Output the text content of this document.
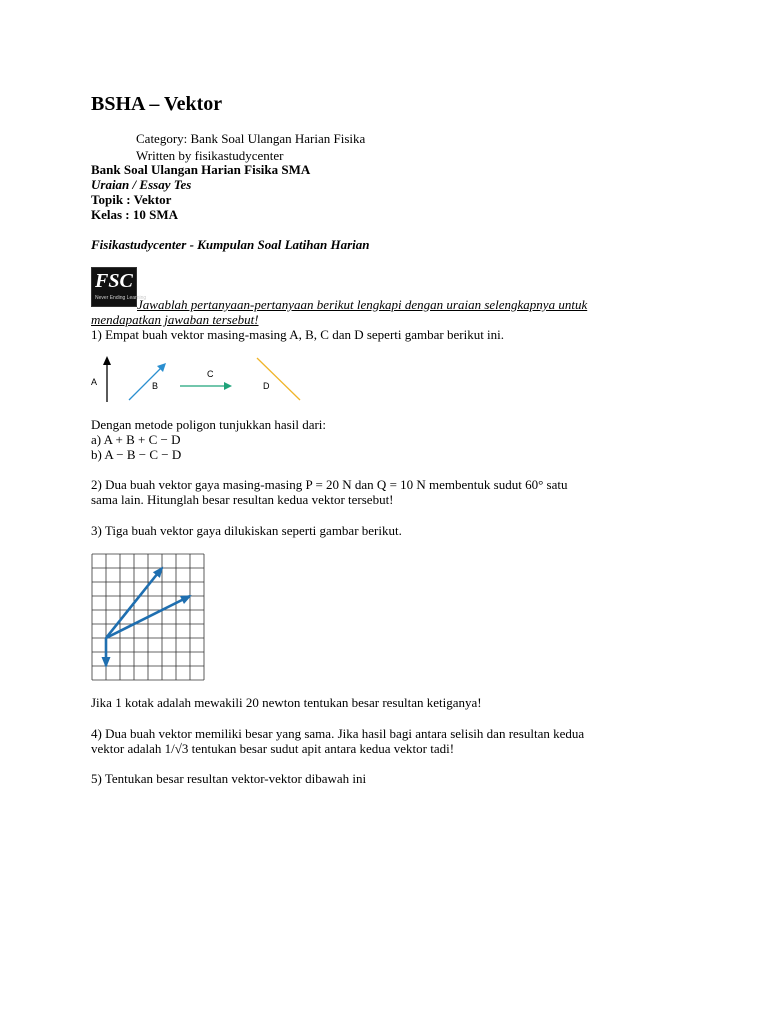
BSHA – Vektor
Category: Bank Soal Ulangan Harian Fisika
Written by fisikastudycenter
Bank Soal Ulangan Harian Fisika SMA
Uraian / Essay Tes
Topik : Vektor
Kelas : 10 SMA
Fisikastudycenter - Kumpulan Soal Latihan Harian
FSC
Never Ending Learning
Jawablah pertanyaan-pertanyaan berikut lengkapi dengan uraian selengkapnya untuk
mendapatkan jawaban tersebut!
1) Empat buah vektor masing-masing A, B, C dan D seperti gambar berikut ini.
A	B
C
D
Dengan metode poligon tunjukkan hasil dari:
a) A + B + C − D
b) A − B − C − D
2) Dua buah vektor gaya masing-masing P = 20 N dan Q = 10 N membentuk sudut 60° satu
sama lain. Hitunglah besar resultan kedua vektor tersebut!
3) Tiga buah vektor gaya dilukiskan seperti gambar berikut.
Jika 1 kotak adalah mewakili 20 newton tentukan besar resultan ketiganya!
4) Dua buah vektor memiliki besar yang sama. Jika hasil bagi antara selisih dan resultan kedua
vektor adalah 1/√3 tentukan besar sudut apit antara kedua vektor tadi!
5) Tentukan besar resultan vektor-vektor dibawah ini
